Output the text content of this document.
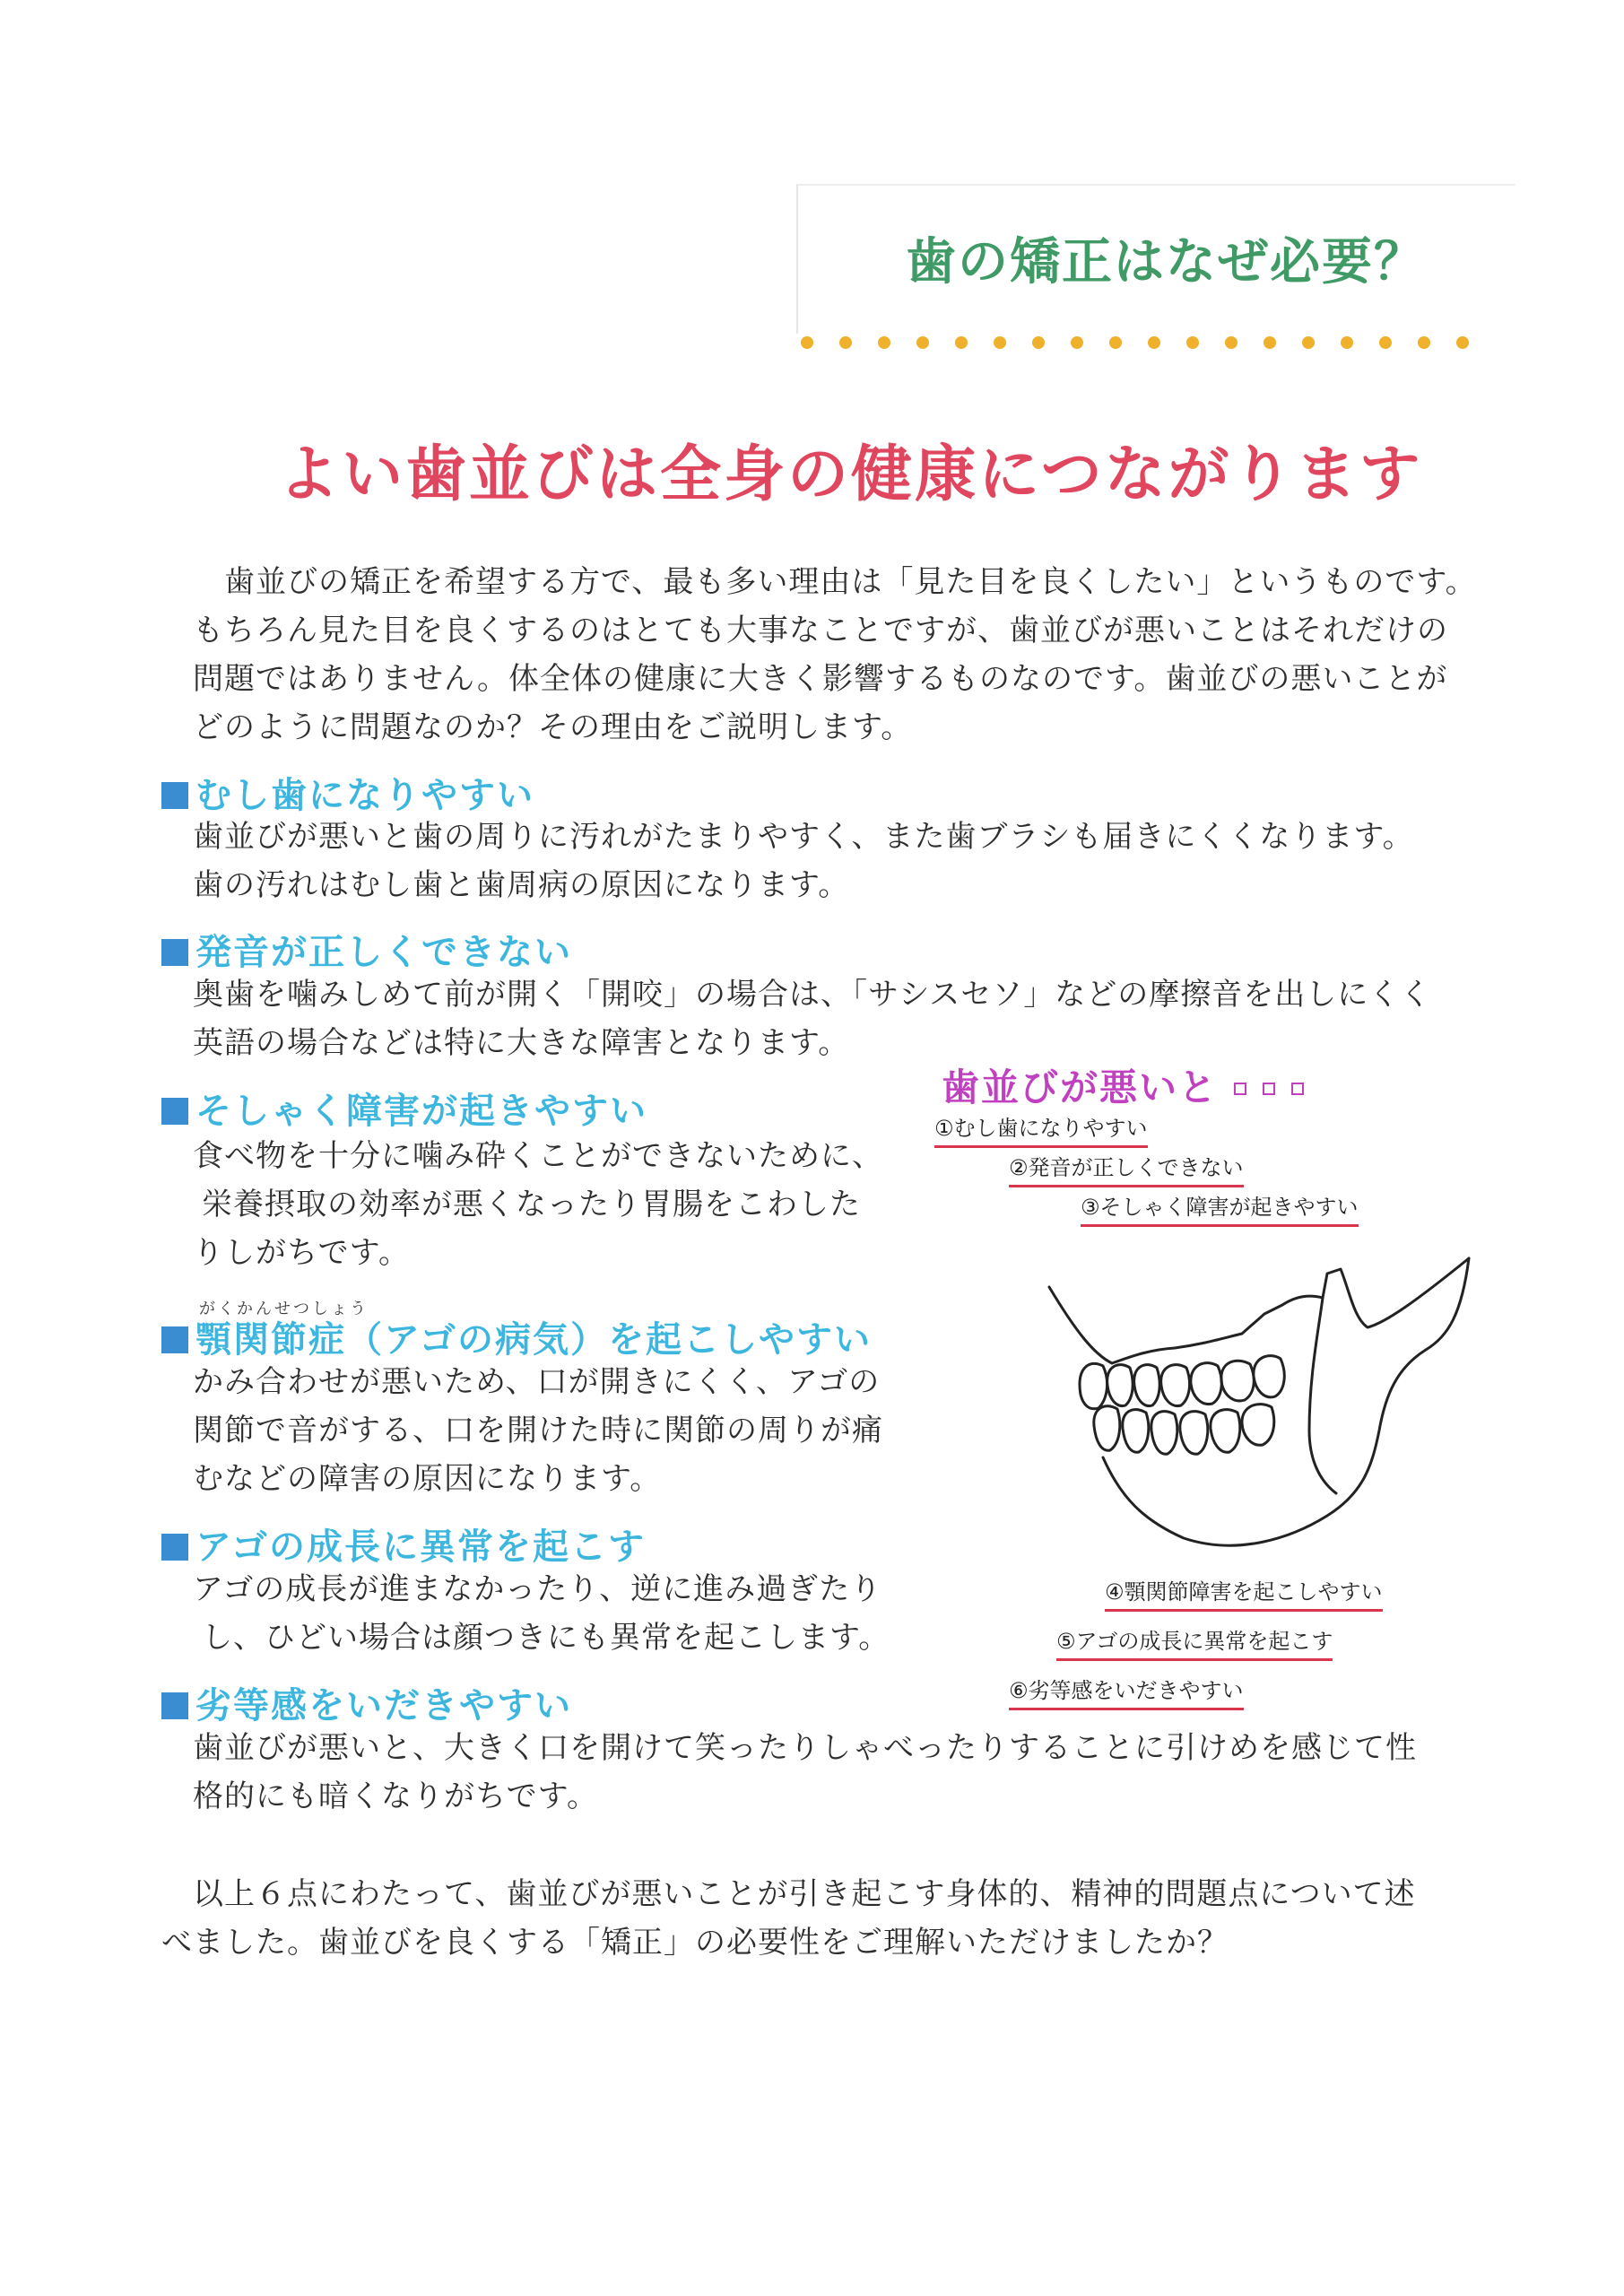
歯の矯正はなぜ必要？
よい歯並びは全身の健康につながります
歯並びの矯正を希望する方で、最も多い理由は「見た目を良くしたい」というものです。
もちろん見た目を良くするのはとても大事なことですが、歯並びが悪いことはそれだけの
問題ではありません。体全体の健康に大きく影響するものなのです。歯並びの悪いことが
どのように問題なのか？その理由をご説明します。
むし歯になりやすい
歯並びが悪いと歯の周りに汚れがたまりやすく、また歯ブラシも届きにくくなります。
歯の汚れはむし歯と歯周病の原因になります。
発音が正しくできない
奥歯を噛みしめて前が開く「開咬」の場合は、「サシスセソ」などの摩擦音を出しにくく
英語の場合などは特に大きな障害となります。
そしゃく障害が起きやすい
食べ物を十分に噛み砕くことができないために、
栄養摂取の効率が悪くなったり胃腸をこわした
りしがちです。
がくかんせつしょう
顎関節症（アゴの病気）を起こしやすい
かみ合わせが悪いため、口が開きにくく、アゴの
関節で音がする、口を開けた時に関節の周りが痛
むなどの障害の原因になります。
アゴの成長に異常を起こす
アゴの成長が進まなかったり、逆に進み過ぎたり
し、ひどい場合は顔つきにも異常を起こします。
劣等感をいだきやすい
歯並びが悪いと、大きく口を開けて笑ったりしゃべったりすることに引けめを感じて性
格的にも暗くなりがちです。
以上６点にわたって、歯並びが悪いことが引き起こす身体的、精神的問題点について述
べました。歯並びを良くする「矯正」の必要性をご理解いただけましたか？
歯並びが悪いと
①むし歯になりやすい
②発音が正しくできない
③そしゃく障害が起きやすい
④顎関節障害を起こしやすい
⑤アゴの成長に異常を起こす
⑥劣等感をいだきやすい
